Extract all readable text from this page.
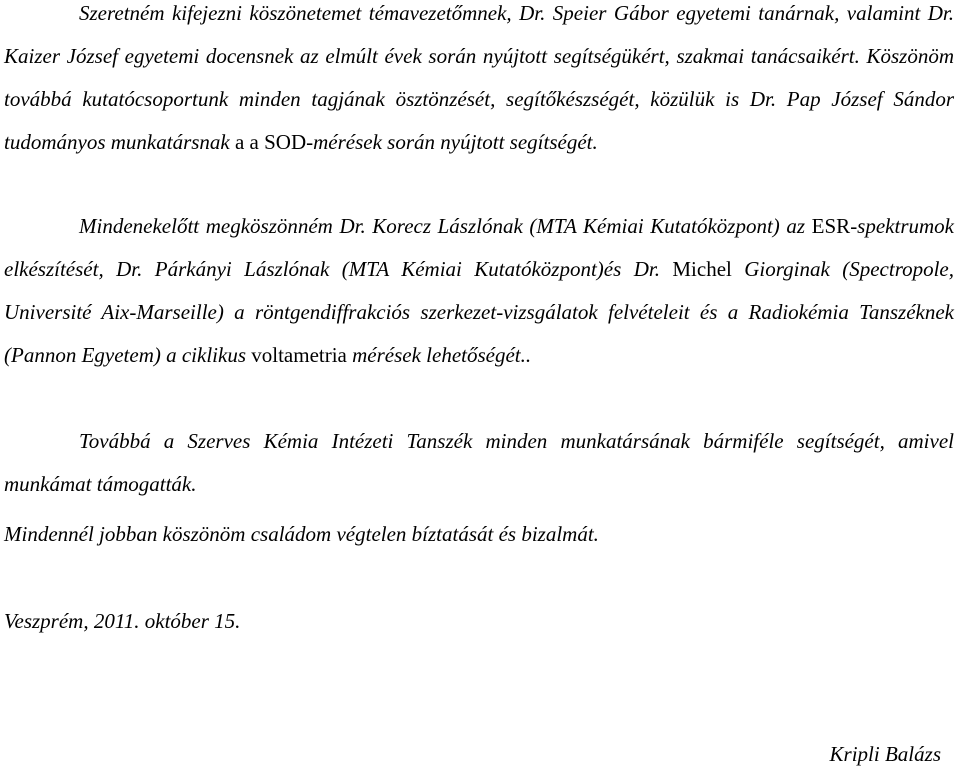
Szeretném kifejezni köszönetemet témavezetőmnek, Dr. Speier Gábor egyetemi tanárnak, valamint Dr. Kaizer József egyetemi docensnek az elmúlt évek során nyújtott segítségükért, szakmai tanácsaikért. Köszönöm továbbá kutatócsoportunk minden tagjának ösztönzését, segítőkészségét, közülük is Dr. Pap József Sándor tudományos munkatársnak a a SOD-mérések során nyújtott segítségét.

Mindenekelőtt megköszönném Dr. Korecz Lászlónak (MTA Kémiai Kutatóközpont) az ESR-spektrumok elkészítését, Dr. Párkányi Lászlónak (MTA Kémiai Kutatóközpont)és Dr. Michel Giorginak (Spectropole, Université Aix-Marseille) a röntgendiffrakciós szerkezet-vizsgálatok felvételeit és a Radiokémia Tanszéknek (Pannon Egyetem) a ciklikus voltametria mérések lehetőségét..

Továbbá a Szerves Kémia Intézeti Tanszék minden munkatársának bármiféle segítségét, amivel munkámat támogatták.

Mindennél jobban köszönöm családom végtelen bíztatását és bizalmát.

Veszprém, 2011. október 15.

Kripli Balázs
